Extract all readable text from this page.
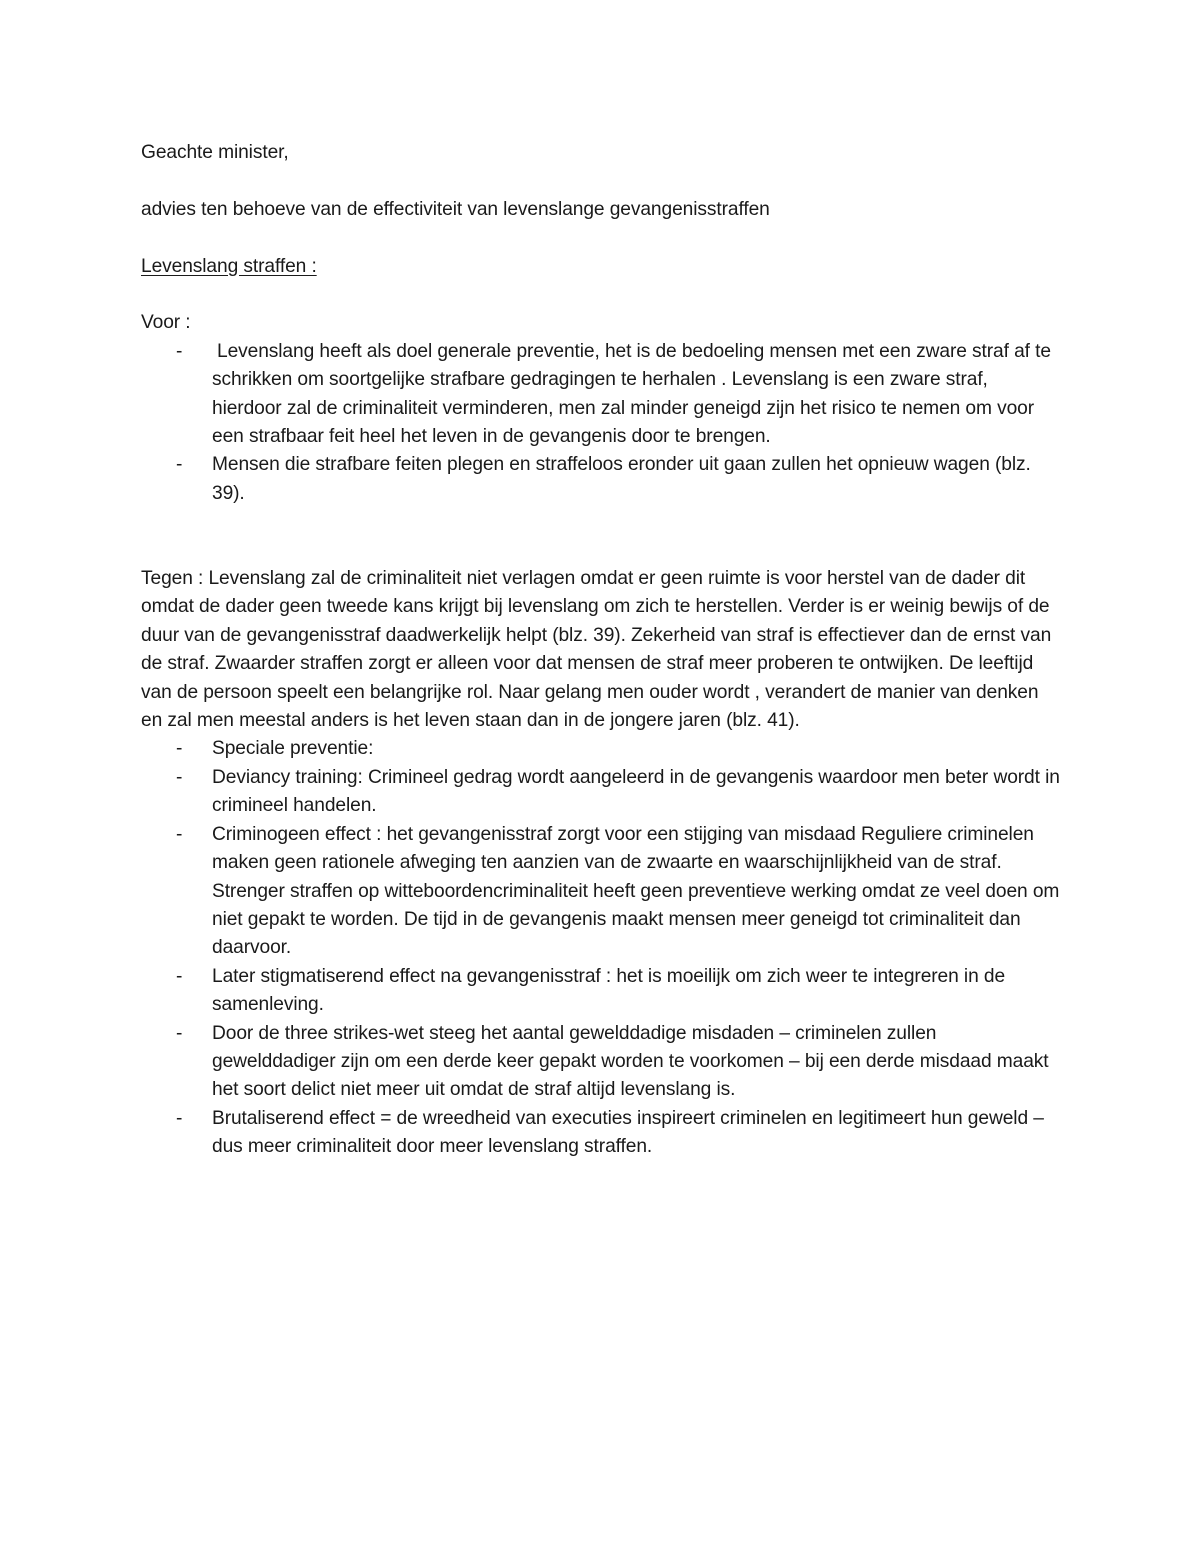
Geachte minister,

advies ten behoeve van de effectiviteit van levenslange gevangenisstraffen

Levenslang straffen :

Voor :

- Levenslang heeft als doel generale preventie, het is de bedoeling mensen met een zware straf af te schrikken om soortgelijke strafbare gedragingen te herhalen . Levenslang is een zware straf, hierdoor zal de criminaliteit verminderen, men zal minder geneigd zijn het risico te nemen om voor een strafbaar feit heel het leven in de gevangenis door te brengen.
- Mensen die strafbare feiten plegen en straffeloos eronder uit gaan zullen het opnieuw wagen (blz. 39).

Tegen : Levenslang zal de criminaliteit niet verlagen omdat er geen ruimte is voor herstel van de dader dit omdat de dader geen tweede kans krijgt bij levenslang om zich te herstellen. Verder is er weinig bewijs of de duur van de gevangenisstraf daadwerkelijk helpt (blz. 39). Zekerheid van straf is effectiever dan de ernst van de straf. Zwaarder straffen zorgt er alleen voor dat mensen de straf meer proberen te ontwijken. De leeftijd van de persoon speelt een belangrijke rol. Naar gelang men ouder wordt , verandert de manier van denken en zal men meestal anders is het leven staan dan in de jongere jaren (blz. 41).

- Speciale preventie:
- Deviancy training: Crimineel gedrag wordt aangeleerd in de gevangenis waardoor men beter wordt in crimineel handelen.
- Criminogeen effect : het gevangenisstraf zorgt voor een stijging van misdaad Reguliere criminelen maken geen rationele afweging ten aanzien van de zwaarte en waarschijnlijkheid van de straf. Strenger straffen op witteboordencriminaliteit heeft geen preventieve werking omdat ze veel doen om niet gepakt te worden. De tijd in de gevangenis maakt mensen meer geneigd tot criminaliteit dan daarvoor.
- Later stigmatiserend effect na gevangenisstraf : het is moeilijk om zich weer te integreren in de samenleving.
- Door de three strikes-wet steeg het aantal gewelddadige misdaden – criminelen zullen gewelddadiger zijn om een derde keer gepakt worden te voorkomen – bij een derde misdaad maakt het soort delict niet meer uit omdat de straf altijd levenslang is.
- Brutaliserend effect = de wreedheid van executies inspireert criminelen en legitimeert hun geweld – dus meer criminaliteit door meer levenslang straffen.
